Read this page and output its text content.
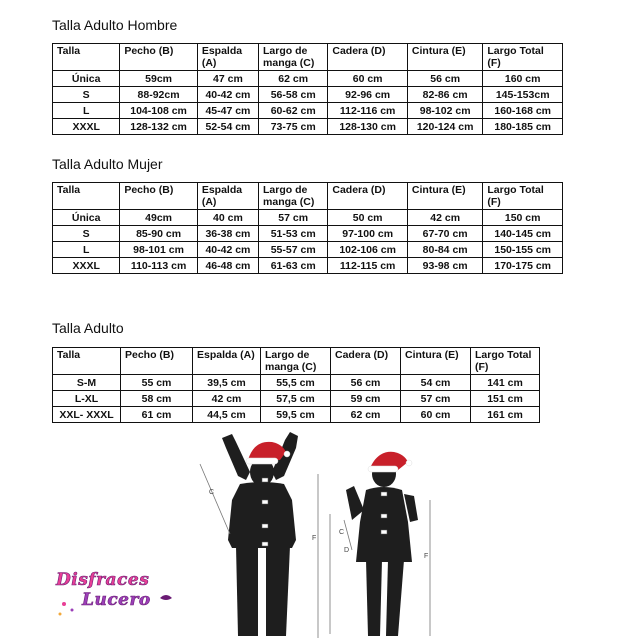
Talla Adulto Hombre
Talla	Pecho (B)	Espalda (A)	Largo de manga (C)	Cadera (D)	Cintura (E)	Largo Total (F)
Única	59cm	47 cm	62 cm	60 cm	56 cm	160 cm
S	88-92cm	40-42 cm	56-58 cm	92-96 cm	82-86 cm	145-153cm
L	104-108 cm	45-47 cm	60-62 cm	112-116 cm	98-102 cm	160-168 cm
XXXL	128-132 cm	52-54 cm	73-75 cm	128-130 cm	120-124 cm	180-185 cm
Talla Adulto Mujer
Talla	Pecho (B)	Espalda (A)	Largo de manga (C)	Cadera (D)	Cintura (E)	Largo Total (F)
Única	49cm	40 cm	57 cm	50 cm	42 cm	150 cm
S	85-90 cm	36-38 cm	51-53 cm	97-100 cm	67-70 cm	140-145 cm
L	98-101 cm	40-42 cm	55-57 cm	102-106 cm	80-84 cm	150-155 cm
XXXL	110-113 cm	46-48 cm	61-63 cm	112-115 cm	93-98 cm	170-175 cm
Talla Adulto
Talla	Pecho (B)	Espalda (A)	Largo de manga (C)	Cadera (D)	Cintura (E)	Largo Total (F)
S-M	55 cm	39,5 cm	55,5 cm	56 cm	54 cm	141 cm
L-XL	58 cm	42 cm	57,5 cm	59 cm	57 cm	151 cm
XXL- XXXL	61 cm	44,5 cm	59,5 cm	62 cm	60 cm	161 cm
C
F
C
D
F
Disfraces
Lucero
